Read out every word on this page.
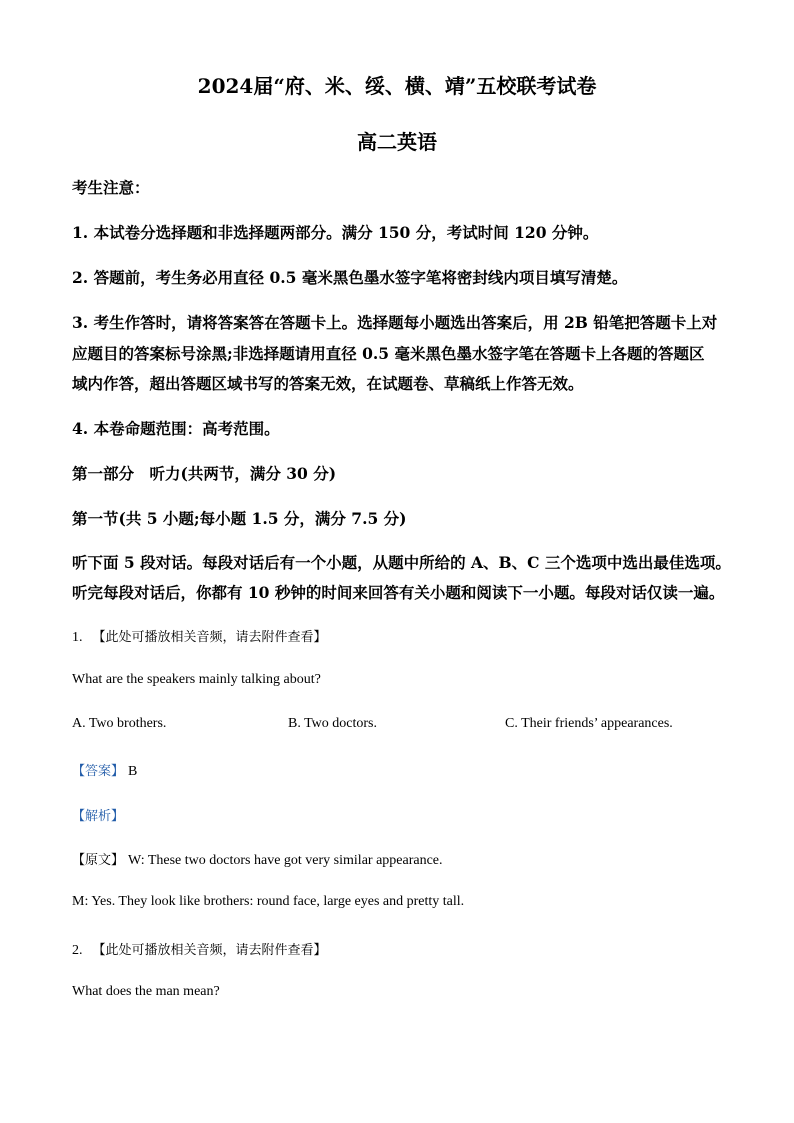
2024届“府、米、绥、横、靖”五校联考试卷
高二英语
考生注意：
1. 本试卷分选择题和非选择题两部分。满分 150 分，考试时间 120 分钟。
2. 答题前，考生务必用直径 0.5 毫米黑色墨水签字笔将密封线内项目填写清楚。
3. 考生作答时，请将答案答在答题卡上。选择题每小题选出答案后，用 2B 铅笔把答题卡上对
应题目的答案标号涂黑;非选择题请用直径 0.5 毫米黑色墨水签字笔在答题卡上各题的答题区
域内作答，超出答题区域书写的答案无效，在试题卷、草稿纸上作答无效。
4. 本卷命题范围：高考范围。
第一部分　听力(共两节，满分 30 分)
第一节(共 5 小题;每小题 1.5 分，满分 7.5 分)
听下面 5 段对话。每段对话后有一个小题，从题中所给的 A、B、C 三个选项中选出最佳选项。
听完每段对话后，你都有 10 秒钟的时间来回答有关小题和阅读下一小题。每段对话仅读一遍。
1. 【此处可播放相关音频，请去附件查看】
What are the speakers mainly talking about?
A. Two brothers.	B. Two doctors.	C. Their friends’ appearances.
【答案】 B
【解析】
【原文】 W: These two doctors have got very similar appearance.
M: Yes. They look like brothers: round face, large eyes and pretty tall.
2. 【此处可播放相关音频，请去附件查看】
What does the man mean?
